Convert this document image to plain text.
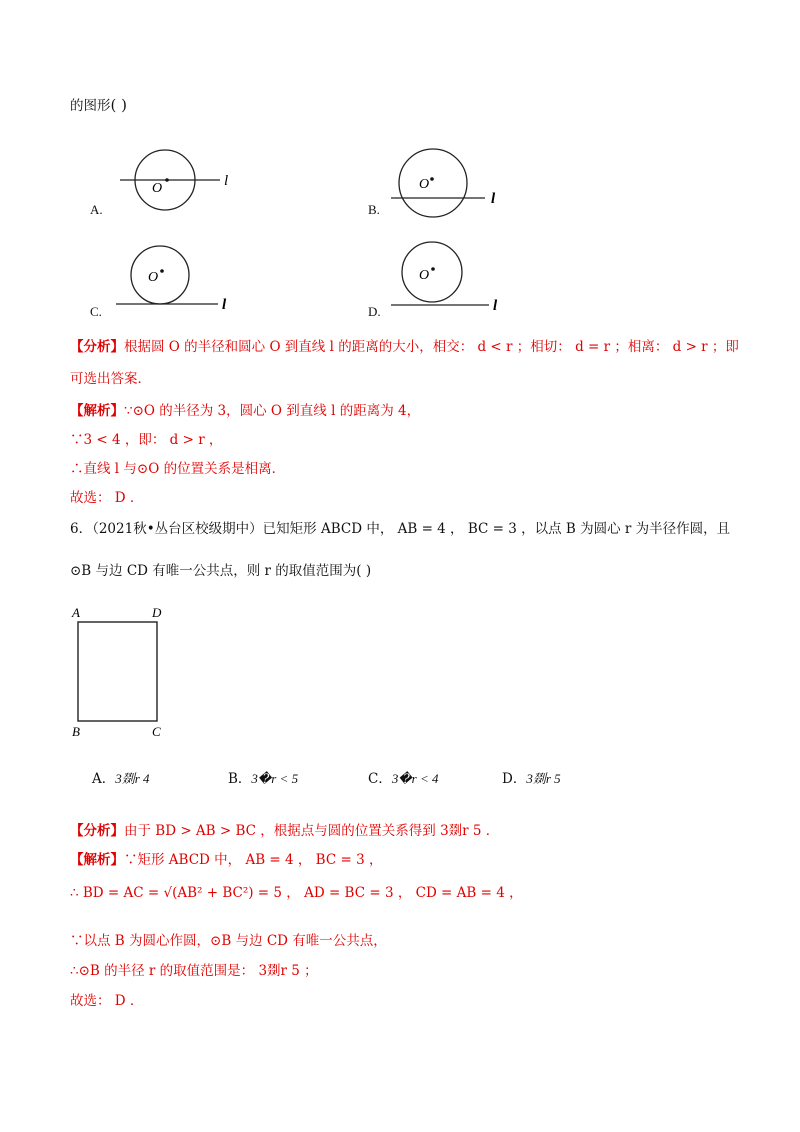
的图形( )
A.
O	l
B.
O
l
C.
O
l	D.
O
l
【分析】根据圆 O 的半径和圆心 O 到直线 l 的距离的大小，相交： d < r ；相切： d = r ；相离： d > r ；即
可选出答案．
【解析】∵⊙O 的半径为 3，圆心 O 到直线 l 的距离为 4，
∵3 < 4 ，即： d > r ，
∴直线 l 与⊙O 的位置关系是相离．
故选： D ．
6．（2021秋•丛台区校级期中）已知矩形 ABCD 中， AB = 4 ， BC = 3 ，以点 B 为圆心 r 为半径作圆，且
⊙B 与边 CD 有唯一公共点，则 r 的取值范围为( )
A	D
B	C
A．3剟r 4	B．3�r < 5	C．3�r < 4	D．3剟r 5
【分析】由于 BD > AB > BC ，根据点与圆的位置关系得到 3剟r 5 ．
【解析】∵矩形 ABCD 中， AB = 4 ， BC = 3 ，
∴ BD = AC = √(AB² + BC²) = 5 ， AD = BC = 3 ， CD = AB = 4 ，
∵以点 B 为圆心作圆，⊙B 与边 CD 有唯一公共点，
∴⊙B 的半径 r 的取值范围是： 3剟r 5 ；
故选： D ．
